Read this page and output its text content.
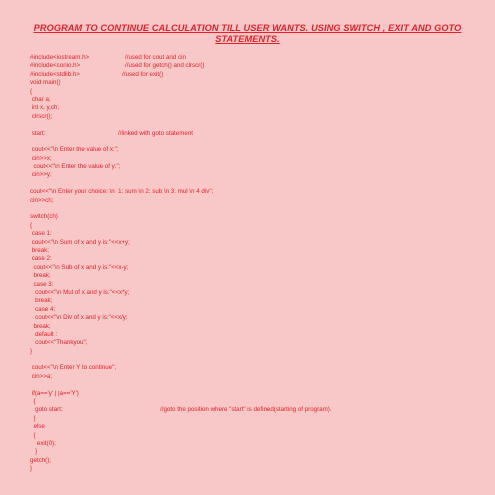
PROGRAM TO CONTINUE CALCULATION TILL USER WANTS. USING SWITCH , EXIT AND GOTO
STATEMENTS.
#include<iostream.h>	//used for cout and cin
#include<conio.h>	//used for getch() and clrscr()
#include<stdlib.h>	//used for exit()
void main()
{
char a;
int x, y,ch;
clrscr();
start:	//linked with goto statement
cout<<"\n Enter the value of x:";
cin>>x;
cout<<"\n Enter the value of y:";
cin>>y;
cout<<"\n Enter your choice: \n  1: sum \n 2: sub \n 3: mul \n 4 div";
cin>>ch;
switch(ch)
{
case 1:
cout<<"\n Sum of x and y is:"<<x+y;
break;
case 2:
cout<<"\n Sub of x and y is:"<<x-y;
break;
case 3:
cout<<"\n Mul of x and y is:"<<x*y;
break;
case 4:
cout<<"\n Div of x and y is:"<<x/y;
break;
default :
cout<<"Thankyou";
}
cout<<"\n Enter Y to continue";
cin>>a;
if(a=='y' | |a=='Y')
{
goto start;	//goto the position where "start" is defined(starting of program).
}
else
{
exit(0);
}
getch();
}
